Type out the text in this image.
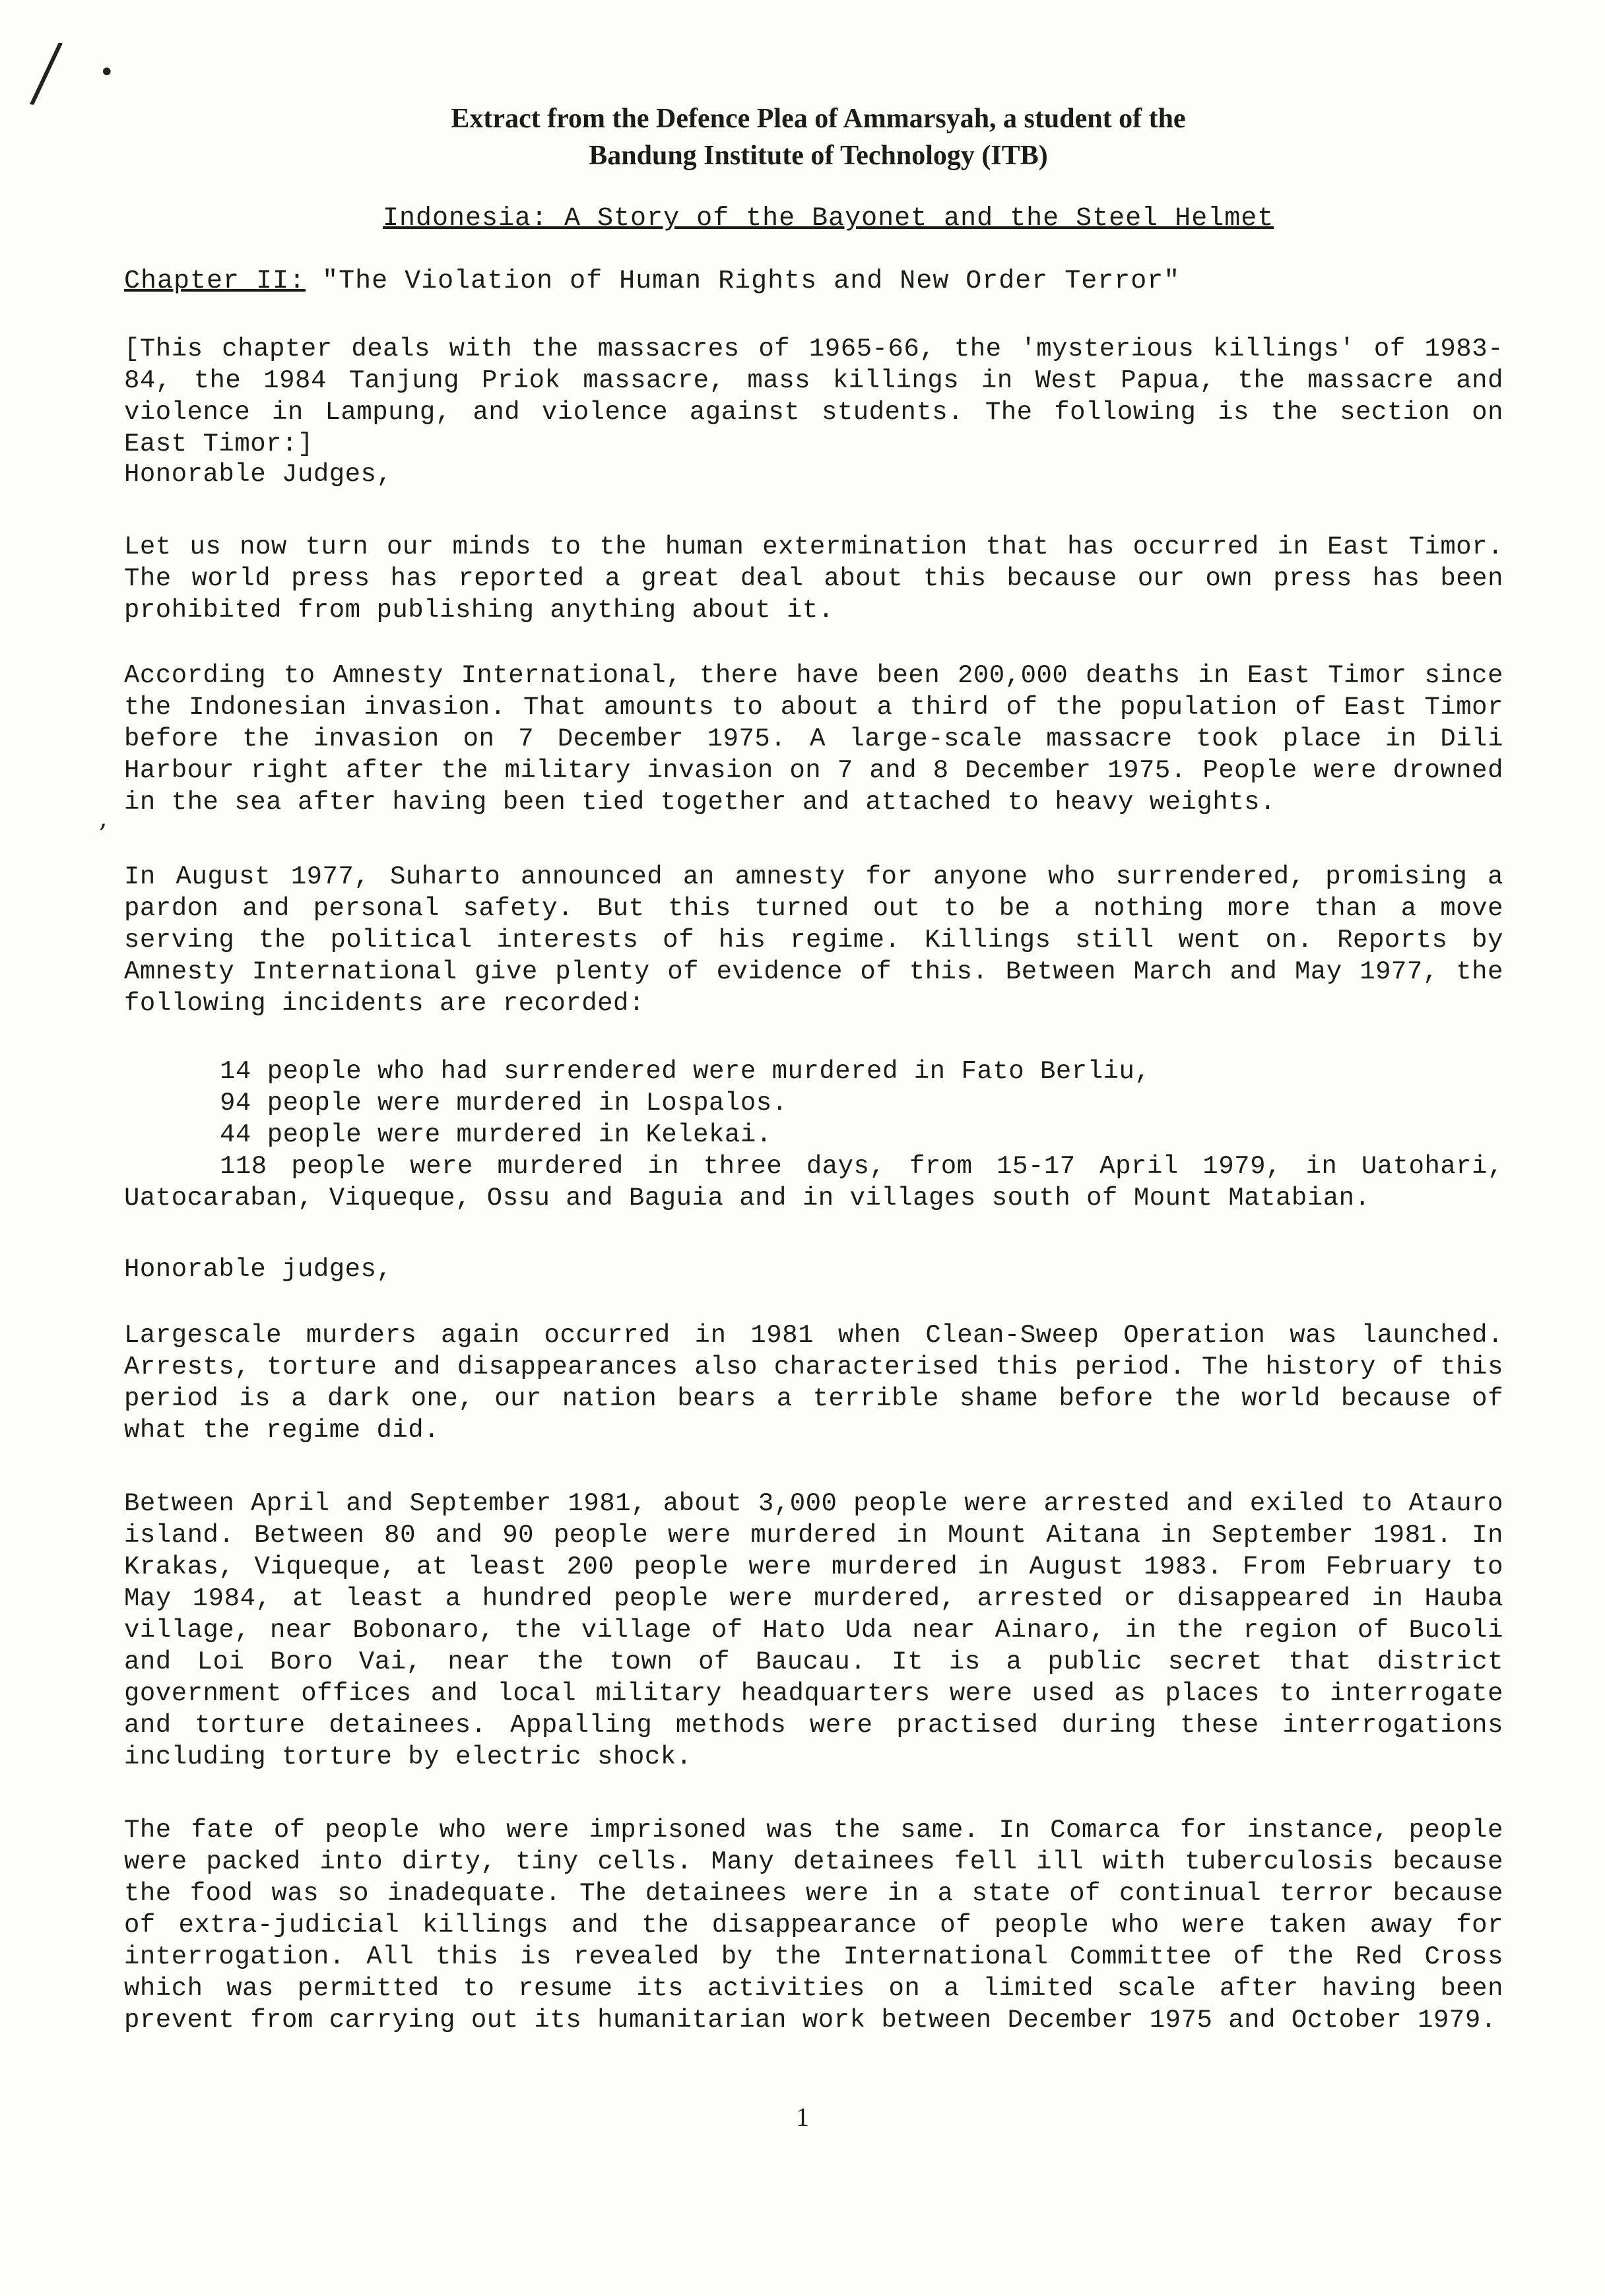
/ •
,
Extract from the Defence Plea of Ammarsyah, a student of the
Bandung Institute of Technology (ITB)
Indonesia: A Story of the Bayonet and the Steel Helmet
Chapter II: "The Violation of Human Rights and New Order Terror"

[This chapter deals with the massacres of 1965-66, the 'mysterious killings' of 1983-84, the 1984 Tanjung Priok massacre, mass killings in West Papua, the massacre and violence in Lampung, and violence against students. The following is the section on East Timor:]

Honorable Judges,

Let us now turn our minds to the human extermination that has occurred in East Timor. The world press has reported a great deal about this because our own press has been prohibited from publishing anything about it.

According to Amnesty International, there have been 200,000 deaths in East Timor since the Indonesian invasion. That amounts to about a third of the population of East Timor before the invasion on 7 December 1975. A large-scale massacre took place in Dili Harbour right after the military invasion on 7 and 8 December 1975. People were drowned in the sea after having been tied together and attached to heavy weights.

In August 1977, Suharto announced an amnesty for anyone who surrendered, promising a pardon and personal safety. But this turned out to be a nothing more than a move serving the political interests of his regime. Killings still went on. Reports by Amnesty International give plenty of evidence of this. Between March and May 1977, the following incidents are recorded:

14 people who had surrendered were murdered in Fato Berliu,
94 people were murdered in Lospalos.
44 people were murdered in Kelekai.
118 people were murdered in three days, from 15-17 April 1979, in Uatohari, Uatocaraban, Viqueque, Ossu and Baguia and in villages south of Mount Matabian.

Honorable judges,

Largescale murders again occurred in 1981 when Clean-Sweep Operation was launched. Arrests, torture and disappearances also characterised this period. The history of this period is a dark one, our nation bears a terrible shame before the world because of what the regime did.

Between April and September 1981, about 3,000 people were arrested and exiled to Atauro island. Between 80 and 90 people were murdered in Mount Aitana in September 1981. In Krakas, Viqueque, at least 200 people were murdered in August 1983. From February to May 1984, at least a hundred people were murdered, arrested or disappeared in Hauba village, near Bobonaro, the village of Hato Uda near Ainaro, in the region of Bucoli and Loi Boro Vai, near the town of Baucau. It is a public secret that district government offices and local military headquarters were used as places to interrogate and torture detainees. Appalling methods were practised during these interrogations including torture by electric shock.

The fate of people who were imprisoned was the same. In Comarca for instance, people were packed into dirty, tiny cells. Many detainees fell ill with tuberculosis because the food was so inadequate. The detainees were in a state of continual terror because of extra-judicial killings and the disappearance of people who were taken away for interrogation. All this is revealed by the International Committee of the Red Cross which was permitted to resume its activities on a limited scale after having been prevent from carrying out its humanitarian work between December 1975 and October 1979.

1
